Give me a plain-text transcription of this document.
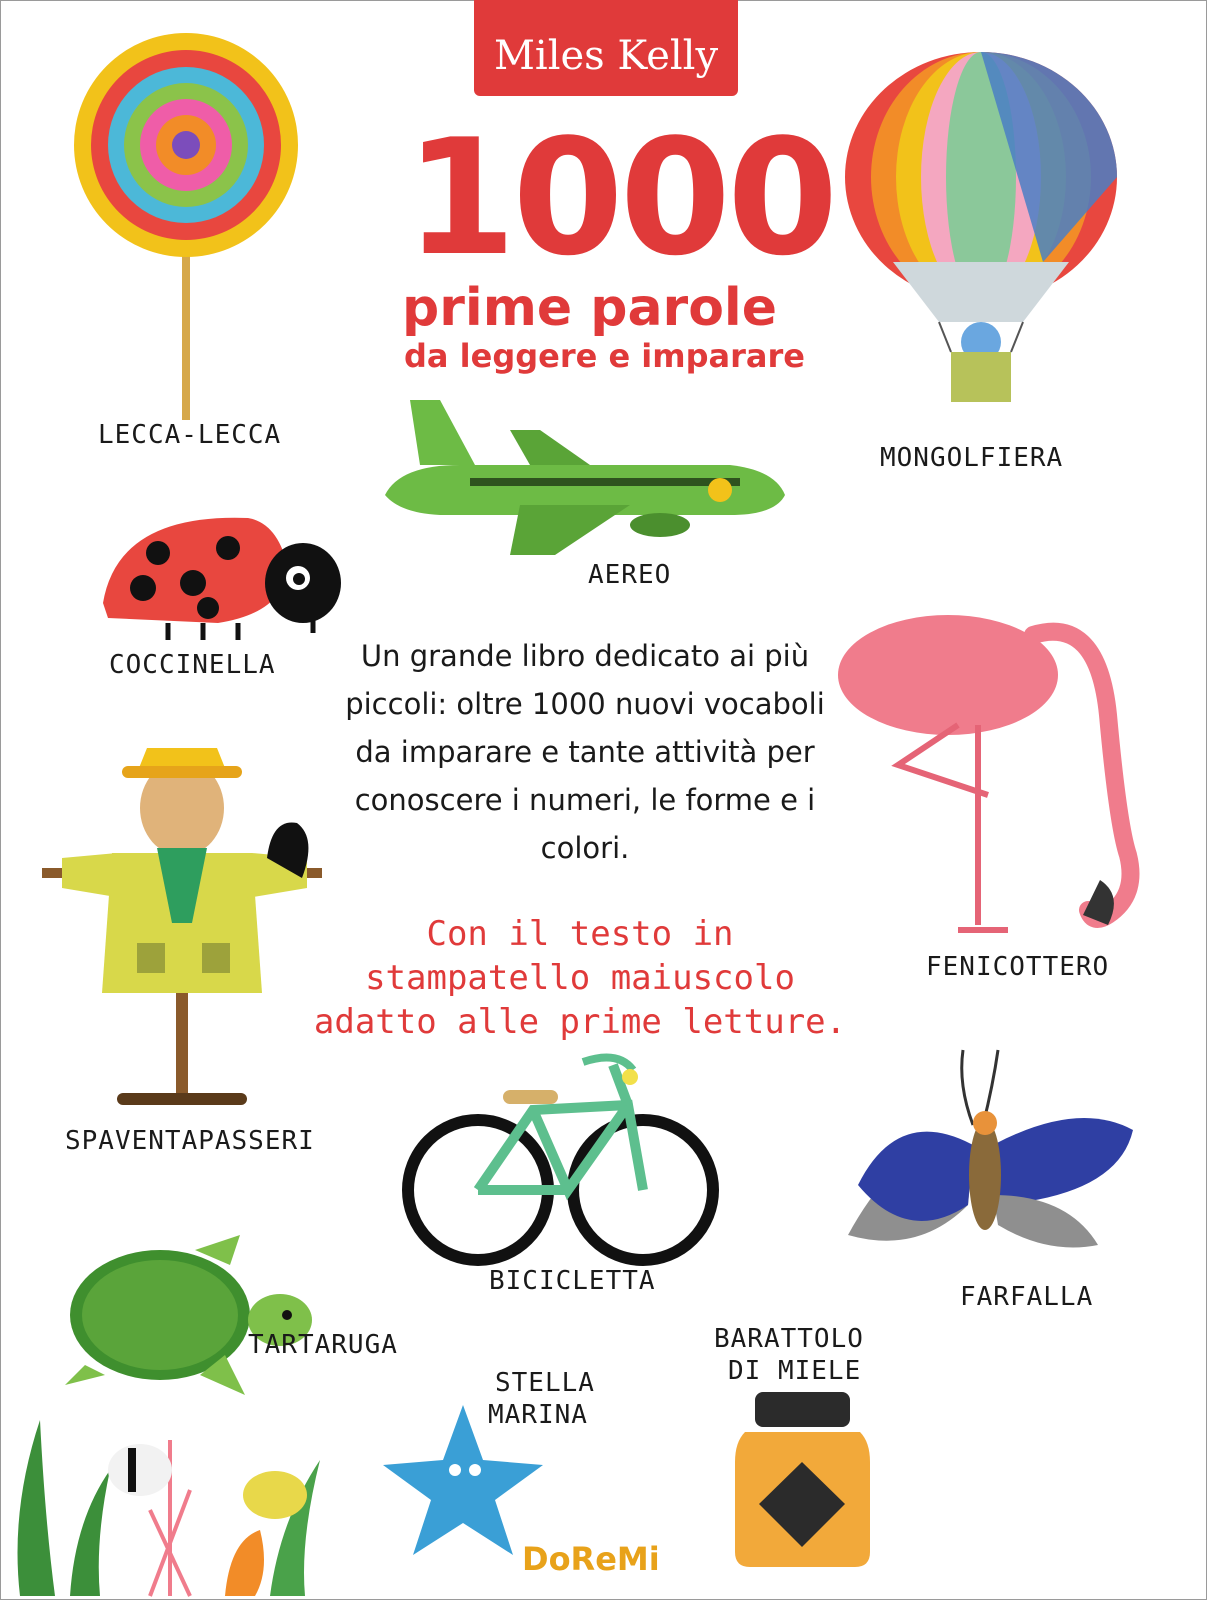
Miles Kelly
1000
prime parole
da leggere e imparare
LECCA-LECCA
MONGOLFIERA
AEREO
COCCINELLA	Un grande libro dedicato ai più piccoli: oltre 1000 nuovi vocaboli da imparare e tante attività per conoscere i numeri, le forme e i colori.
Con il testo in
stampatello maiuscolo
adatto alle prime letture.
FENICOTTERO
SPAVENTAPASSERI
BICICLETTA
FARFALLA
TARTARUGA
STELLA
MARINA
BARATTOLO
DI MIELE
DoReMi
